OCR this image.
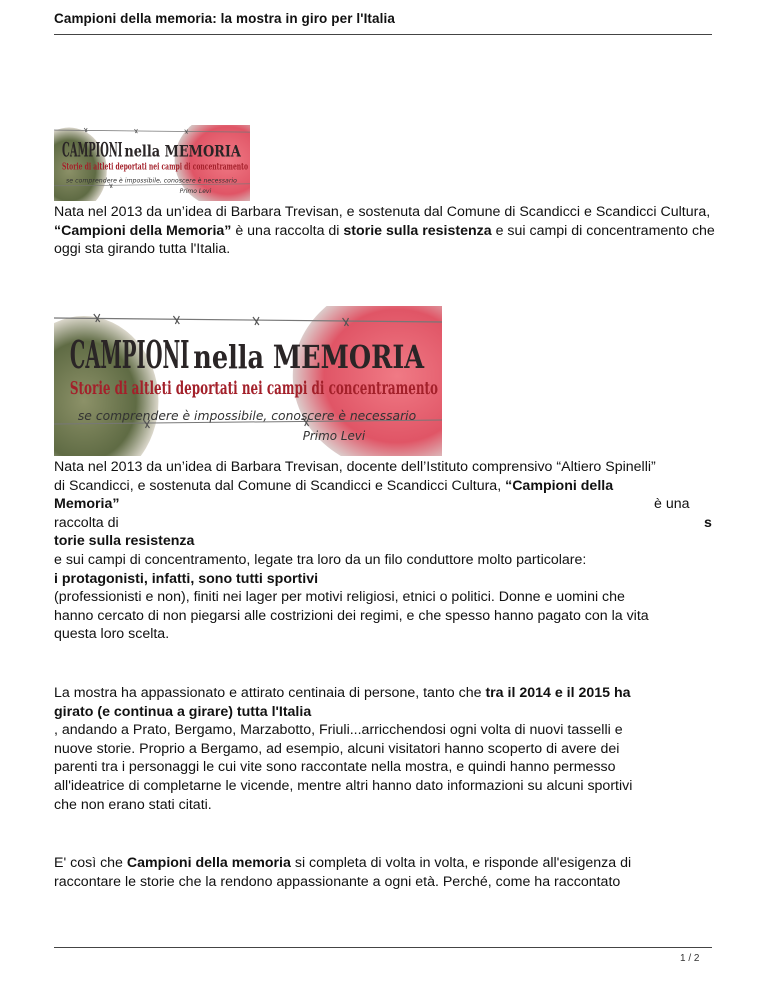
Campioni della memoria: la mostra in giro per l'Italia
CAMPIONI nella MEMORIA
Storie di altleti deportati nei campi di concentramento
se comprendere è impossibile, conoscere è necessario
Primo Levi
Nata nel 2013 da un’idea di Barbara Trevisan, e sostenuta dal Comune di Scandicci e Scandicci Cultura, “Campioni della Memoria” è una raccolta di storie sulla resistenza e sui campi di concentramento che oggi sta girando tutta l'Italia.
CAMPIONI nella MEMORIA
Storie di altleti deportati nei campi di concentramento
se comprendere è impossibile, conoscere è necessario
Primo Levi
Nata nel 2013 da un’idea di Barbara Trevisan, docente dell’Istituto comprensivo “Altiero Spinelli”
di Scandicci, e sostenuta dal Comune di Scandicci e Scandicci Cultura, “Campioni della
Memoria”	è una

raccolta di	s
torie sulla resistenza
e sui campi di concentramento, legate tra loro da un filo conduttore molto particolare:
i protagonisti, infatti, sono tutti sportivi
(professionisti e non), finiti nei lager per motivi religiosi, etnici o politici. Donne e uomini che
hanno cercato di non piegarsi alle costrizioni dei regimi, e che spesso hanno pagato con la vita
questa loro scelta.
La mostra ha appassionato e attirato centinaia di persone, tanto che tra il 2014 e il 2015 ha
girato (e continua a girare) tutta l'Italia
, andando a Prato, Bergamo, Marzabotto, Friuli...arricchendosi ogni volta di nuovi tasselli e
nuove storie. Proprio a Bergamo, ad esempio, alcuni visitatori hanno scoperto di avere dei
parenti tra i personaggi le cui vite sono raccontate nella mostra, e quindi hanno permesso
all'ideatrice di completarne le vicende, mentre altri hanno dato informazioni su alcuni sportivi
che non erano stati citati.
E' così che Campioni della memoria si completa di volta in volta, e risponde all'esigenza di
raccontare le storie che la rendono appassionante a ogni età. Perché, come ha raccontato
1 / 2
